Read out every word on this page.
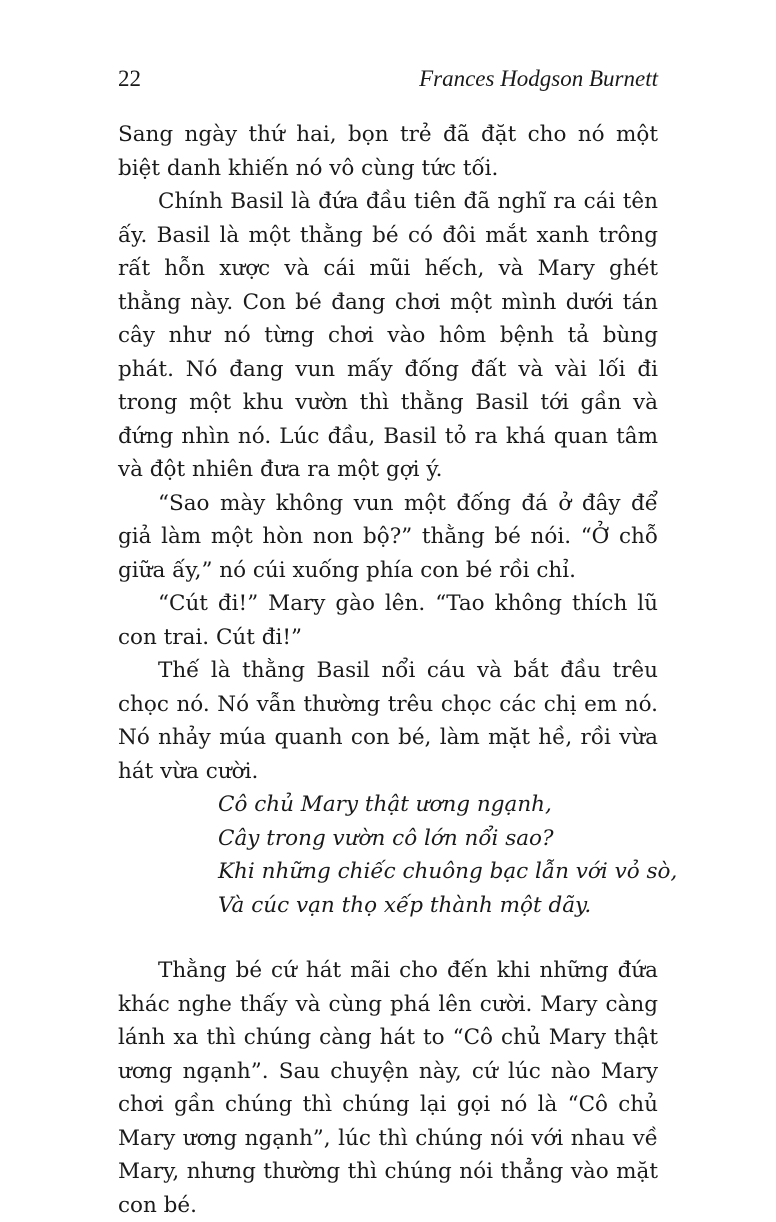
22	Frances Hodgson Burnett

Sang ngày thứ hai, bọn trẻ đã đặt cho nó một biệt danh khiến nó vô cùng tức tối.

Chính Basil là đứa đầu tiên đã nghĩ ra cái tên ấy. Basil là một thằng bé có đôi mắt xanh trông rất hỗn xược và cái mũi hếch, và Mary ghét thằng này. Con bé đang chơi một mình dưới tán cây như nó từng chơi vào hôm bệnh tả bùng phát. Nó đang vun mấy đống đất và vài lối đi trong một khu vườn thì thằng Basil tới gần và đứng nhìn nó. Lúc đầu, Basil tỏ ra khá quan tâm và đột nhiên đưa ra một gợi ý.

“Sao mày không vun một đống đá ở đây để giả làm một hòn non bộ?” thằng bé nói. “Ở chỗ giữa ấy,” nó cúi xuống phía con bé rồi chỉ.

“Cút đi!” Mary gào lên. “Tao không thích lũ con trai. Cút đi!”

Thế là thằng Basil nổi cáu và bắt đầu trêu chọc nó. Nó vẫn thường trêu chọc các chị em nó. Nó nhảy múa quanh con bé, làm mặt hề, rồi vừa hát vừa cười.

Cô chủ Mary thật ương ngạnh,
Cây trong vườn cô lớn nổi sao?
Khi những chiếc chuông bạc lẫn với vỏ sò,
Và cúc vạn thọ xếp thành một dãy.

Thằng bé cứ hát mãi cho đến khi những đứa khác nghe thấy và cùng phá lên cười. Mary càng lánh xa thì chúng càng hát to “Cô chủ Mary thật ương ngạnh”. Sau chuyện này, cứ lúc nào Mary chơi gần chúng thì chúng lại gọi nó là “Cô chủ Mary ương ngạnh”, lúc thì chúng nói với nhau về Mary, nhưng thường thì chúng nói thẳng vào mặt con bé.
